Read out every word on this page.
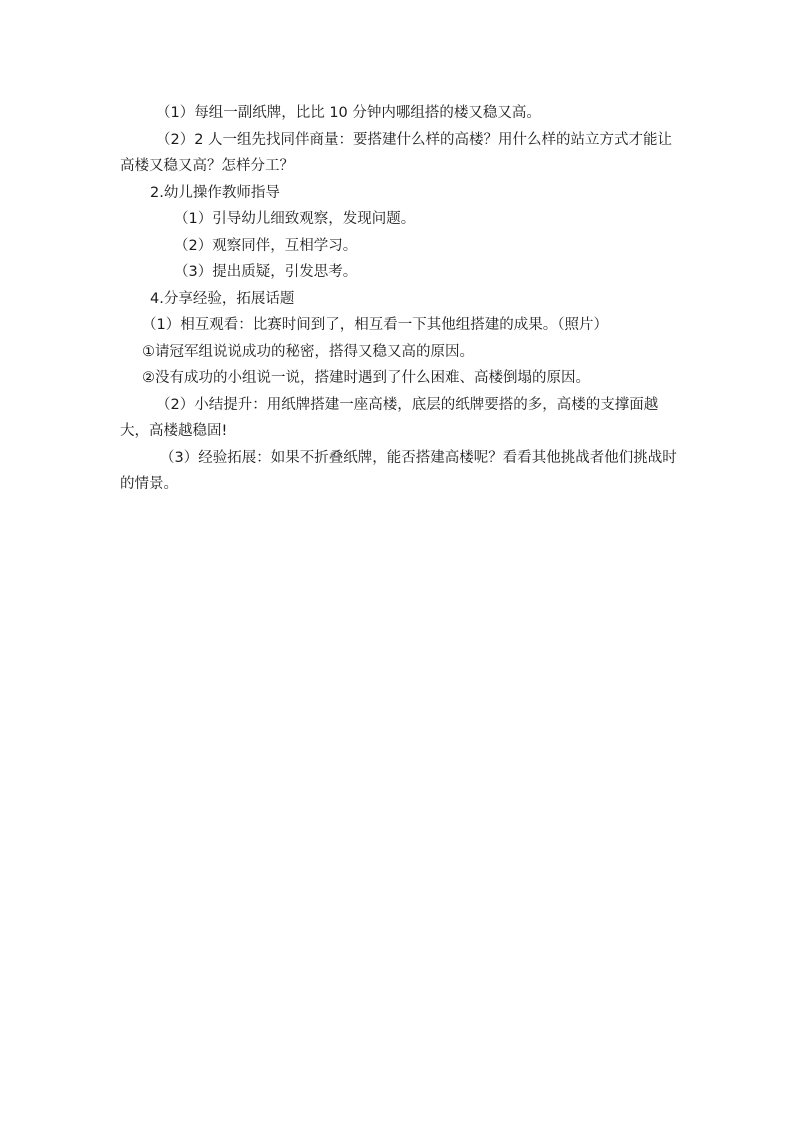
（1）每组一副纸牌，比比 10 分钟内哪组搭的楼又稳又高。

（2）2 人一组先找同伴商量：要搭建什么样的高楼？用什么样的站立方式才能让高楼又稳又高？怎样分工？

2.幼儿操作教师指导

（1）引导幼儿细致观察，发现问题。

（2）观察同伴，互相学习。

（3）提出质疑，引发思考。

4.分享经验，拓展话题

（1）相互观看：比赛时间到了，相互看一下其他组搭建的成果。（照片）

①请冠军组说说成功的秘密，搭得又稳又高的原因。

②没有成功的小组说一说，搭建时遇到了什么困难、高楼倒塌的原因。

（2）小结提升：用纸牌搭建一座高楼，底层的纸牌要搭的多，高楼的支撑面越大，高楼越稳固!

（3）经验拓展：如果不折叠纸牌，能否搭建高楼呢？看看其他挑战者他们挑战时的情景。
